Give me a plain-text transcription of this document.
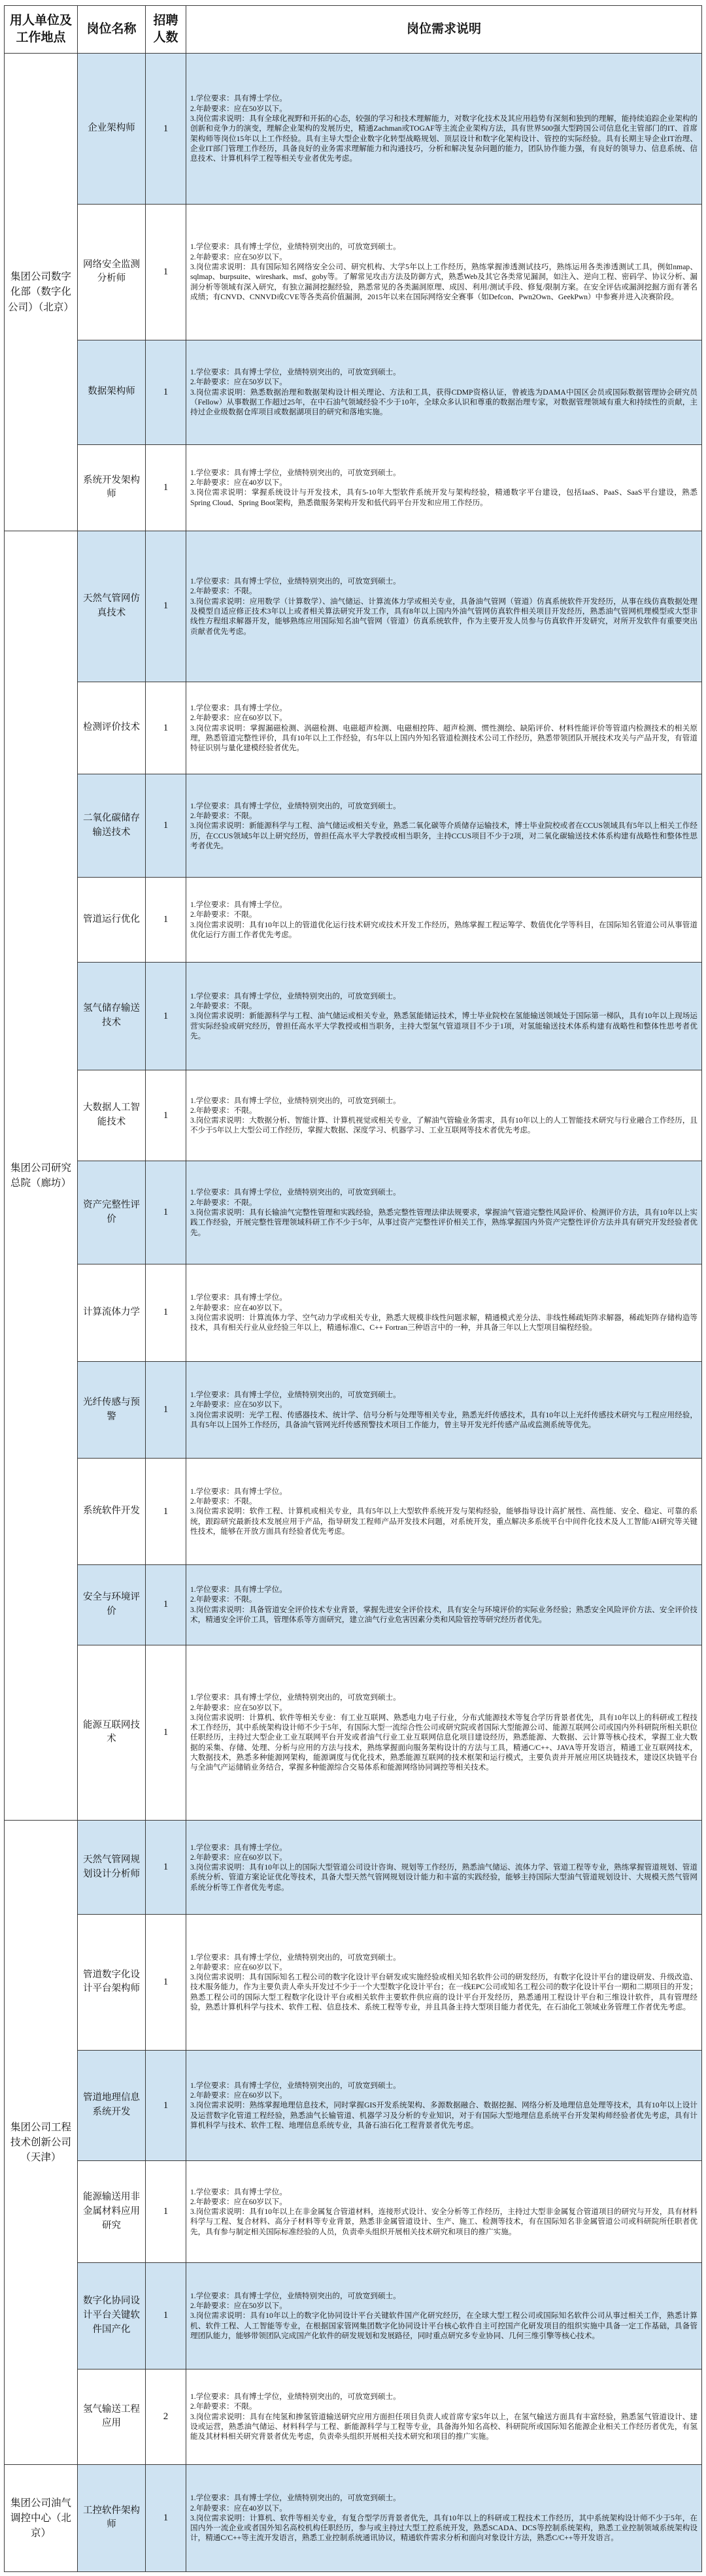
用人单位及工作地点	岗位名称	招聘人数	岗位需求说明
集团公司数字化部（数字化公司）（北京）	企业架构师	1	1.学位要求：具有博士学位。
2.年龄要求：应在50岁以下。
3.岗位需求说明：具有全球化视野和开拓的心态，较强的学习和技术理解能力，对数字化技术及其应用趋势有深刻和独到的理解，能持续追踪企业架构的创新和竞争力的演变，理解企业架构的发展历史，精通Zachman或TOGAF等主流企业架构方法，具有世界500强大型跨国公司信息化主管部门的IT、首席架构师等岗位15年以上工作经验。具有主导大型企业数字化转型战略规划、顶层设计和数字化架构设计、管控的实际经验。具有长期主导企业IT治理、企业IT部门管理工作经历，具备良好的业务需求理解能力和沟通技巧，分析和解决复杂问题的能力，团队协作能力强，有良好的领导力、信息系统、信息技术、计算机科学工程等相关专业者优先考虑。

	网络安全监测分析师	1	1.学位要求：具有博士学位，业绩特别突出的，可放宽到硕士。
2.年龄要求：应在50岁以下。
3.岗位需求说明：具有国际知名网络安全公司、研究机构、大学5年以上工作经历，熟练掌握渗透测试技巧，熟练运用各类渗透测试工具，例如nmap、sqlmap、burpsuite、wireshark、msf、goby等。了解常见攻击方法及防御方式，熟悉Web及其它各类常见漏洞，如注入、逆向工程、密码学、协议分析、漏洞分析等领域有深入研究，有独立漏洞挖掘经验，熟悉常见的各类漏洞原理、成因、利用/测试手段、修复/限制方案。在安全评估或漏洞挖掘方面有著名成绩；有CNVD、CNNVD或CVE等各类高价值漏洞，2015年以来在国际网络安全赛事（如Defcon、Pwn2Own、GeekPwn）中参赛并进入决赛阶段。

	数据架构师	1	1.学位要求：具有博士学位，业绩特别突出的，可放宽到硕士。
2.年龄要求：应在50岁以下。
3.岗位需求说明：熟悉数据治理和数据架构设计相关理论、方法和工具，获得CDMP资格认证，曾被选为DAMA中国区会员或国际数据管理协会研究员（Fellow）从事数据工作超过25年，在中石油气领域经验不少于10年，全球众多认识和尊重的数据治理专家，对数据管理领域有重大和持续性的贡献，主持过企业级数据仓库项目或数据湖项目的研究和落地实施。

	系统开发架构师	1	1.学位要求：具有博士学位，业绩特别突出的，可放宽到硕士。
2.年龄要求：应在40岁以下。
3.岗位需求说明：掌握系统设计与开发技术，具有5-10年大型软件系统开发与架构经验，精通数字平台建设，包括IaaS、PaaS、SaaS平台建设，熟悉Spring Cloud、Spring Boot架构，熟悉微服务架构开发和低代码平台开发和应用工作经历。

集团公司研究总院（廊坊）	天然气管网仿真技术	1	1.学位要求：具有博士学位，业绩特别突出的，可放宽到硕士。
2.年龄要求：不限。
3.岗位需求说明：应用数学（计算数学）、油气储运、计算流体力学或相关专业，具备油气管网（管道）仿真系统软件开发经历，从事在线仿真数据处理及模型自适应修正技术3年以上或者相关算法研究开发工作，具有8年以上国内外油气管网仿真软件相关项目开发经历，熟悉油气管网机理模型或大型非线性方程组求解器开发，能够熟练应用国际知名油气管网（管道）仿真系统软件，作为主要开发人员参与仿真软件开发研究，对所开发软件有重要突出贡献者优先考虑。

	检测评价技术	1	1.学位要求：具有博士学位。
2.年龄要求：应在60岁以下。
3.岗位需求说明：掌握漏磁检测、涡磁检测、电磁超声检测、电磁相控阵、超声检测、惯性测绘、缺陷评价、材料性能评价等管道内检测技术的相关原理，熟悉管道完整性评价，具有10年以上工作经验，有5年以上国内外知名管道检测技术公司工作经历，熟悉带领团队开展技术攻关与产品开发，有管道特征识别与量化建模经验者优先。

	二氧化碳储存输送技术	1	1.学位要求：具有博士学位，业绩特别突出的，可放宽到硕士。
2.年龄要求：不限。
3.岗位需求说明：新能源科学与工程、油气储运或相关专业，熟悉二氧化碳等介质储存运输技术，博士毕业院校或者在CCUS领域具有5年以上相关工作经历，在CCUS领域5年以上研究经历，曾担任高水平大学教授或相当职务，主持CCUS项目不少于2项，对二氧化碳输送技术体系构建有战略性和整体性思考者优先。

	管道运行优化	1	1.学位要求：具有博士学位。
2.年龄要求：不限。
3.岗位需求说明：具有10年以上的管道优化运行技术研究或技术开发工作经历，熟练掌握工程运筹学、数值优化学等科目，在国际知名管道公司从事管道优化运行方面工作者优先考虑。

	氢气储存输送技术	1	1.学位要求：具有博士学位，业绩特别突出的，可放宽到硕士。
2.年龄要求：不限。
3.岗位需求说明：新能源科学与工程、油气储运或相关专业，熟悉氢能储运技术，博士毕业院校在氢能输送领域处于国际第一梯队，具有10年以上现场运营实际经验或研究经历，曾担任高水平大学教授或相当职务，主持大型氢气管道项目不少于1项，对氢能输送技术体系构建有战略性和整体性思考者优先。

	大数据人工智能技术	1	1.学位要求：具有博士学位，业绩特别突出的，可放宽到硕士。
2.年龄要求：不限。
3.岗位需求说明：大数据分析、智能计算、计算机视觉或相关专业，了解油气管输业务需求，具有10年以上的人工智能技术研究与行业融合工作经历，且不少于5年以上大型公司工作经历，掌握大数据、深度学习、机器学习、工业互联网等技术者优先考虑。

	资产完整性评价	1	1.学位要求：具有博士学位，业绩特别突出的，可放宽到硕士。
2.年龄要求：不限。
3.岗位需求说明：具有长输油气完整性管理和实践经验，熟悉完整性管理法律法规要求，掌握油气管道完整性风险评价、检测评价方法，具有10年以上实践工作经验，开展完整性管理领域科研工作不少于5年，从事过资产完整性评价相关工作，熟练掌握国内外资产完整性评价方法并具有研究开发经验者优先。

	计算流体力学	1	1.学位要求：具有博士学位。
2.年龄要求：应在40岁以下。
3.岗位需求说明：计算流体力学、空气动力学或相关专业，熟悉大规模非线性问题求解，精通模式差分法、非线性稀疏矩阵求解器，稀疏矩阵存储构造等技术，具有相关行业从业经验三年以上，精通标准C、C++ Fortran三种语言中的一种，并具备三年以上大型项目编程经验。

	光纤传感与预警	1	1.学位要求：具有博士学位，业绩特别突出的，可放宽到硕士。
2.年龄要求：应在50岁以下。
3.岗位需求说明：光学工程、传感器技术、统计学、信号分析与处理等相关专业，熟悉光纤传感技术，具有10年以上光纤传感技术研究与工程应用经验，具有5年以上国外工作经历，具备油气管网光纤传感预警技术项目工作能力，曾主导开发光纤传感产品或监测系统等优先。

	系统软件开发	1	1.学位要求：具有博士学位。
2.年龄要求：不限。
3.岗位需求说明：软件工程、计算机或相关专业，具有5年以上大型软件系统开发与架构经验，能够指导设计高扩展性、高性能、安全、稳定、可靠的系统，跟踪研究最新技术发展应用于产品，指导研发工程师产品开发技术问题，对系统开发，重点解决多系统平台中间件化技术及人工智能/AI研究等关键性技术，能够在开放方面具有经验者优先考虑。

	安全与环境评价	1	1.学位要求：具有博士学位。
2.年龄要求：不限。
3.岗位需求说明：具备管道安全评价技术专业背景，掌握先进安全评价技术，具有安全与环境评价的实际业务经验；熟悉安全风险评价方法、安全评价技术，精通安全评价工具，管理体系等方面研究，建立油气行业危害因素分类和风险管控等研究经历者优先。

	能源互联网技术	1	1.学位要求：具有博士学位，业绩特别突出的，可放宽到硕士。
2.年龄要求：应在50岁以下。
3.岗位需求说明：计算机、软件等相关专业：有工业互联网、熟悉电力电子行业，分布式能源技术等复合学历背景者优先，具有10年以上的科研或工程技术工作经历，其中系统架构设计师不少于5年，有国际大型一流综合性公司或研究院或者国际大型能源公司、能源互联网公司或国内外科研院所相关职位任职经历，主持过大型企业工业互联网平台开发或者油气行业工业互联网信息化项目建设经历，熟悉能源、大数据、云计算等核心技术，掌握工业大数据的采集、存储、处理、分析与应用的方法与技术，熟练掌握面向服务架构设计的方法与工具，精通C/C++、JAVA等开发语言，精通工业互联网技术，大数据技术，熟悉多种能源网架构，能源调度与优化技术，熟悉能源互联网的技术框架和运行模式，主要负责并开展应用区块链技术，建设区块链平台与全油气产运储销业务结合，掌握多种能源综合交易体系和能源网络协同调控等相关技术。

集团公司工程技术创新公司（天津）	天然气管网规划设计分析师	1	1.学位要求：具有博士学位。
2.年龄要求：应在60岁以下。
3.岗位需求说明：具有10年以上的国际大型管道公司设计咨询、规划等工作经历，熟悉油气储运、流体力学、管道工程等专业，熟练掌握管道规划、管道系统分析、管道方案论证优化等技术，具备大型天然气管网规划设计能力和丰富的实践经验，能够主持国际大型油气管道规划设计、大规模天然气管网系统分析等工作者优先考虑。

	管道数字化设计平台架构师	1	1.学位要求：具有博士学位，业绩特别突出的，可放宽到硕士。
2.年龄要求：应在60岁以下。
3.岗位需求说明：具有国际知名工程公司的数字化设计平台研发或实施经验或相关知名软件公司的研发经历，有数字化设计平台的建设研发、升级改造、技术服务能力，作为主要负责人牵头开发过不少于一个大型数字化设计平台；在一线EPC公司或知名工程公司的数字化设计平台一期和二期项目的开发；熟悉工程公司的国际大型工程数字化设计平台或相关软件主要软件供应商的设计平台开发经历，熟悉通用工程设计平台和三维设计软件，具有管理经验，熟悉计算机科学与技术、软件工程、信息技术、系统工程等专业，并且具备主持大型项目能力者优先，在石油化工领域业务管理工作者优先考虑。

	管道地理信息系统开发	1	1.学位要求：具有博士学位，业绩特别突出的，可放宽到硕士。
2.年龄要求：应在60岁以下。
3.岗位需求说明：熟练掌握地理信息技术，同时掌握GIS开发系统架构、多源数据融合、数据挖掘、网络分析及地理信息处理等技术，具有10年以上设计及运营数字化管道工程经验，熟悉油气长输管道、机器学习及分析的专业知识，对于有国际大型地理信息系统平台开发架构师经验者优先考虑，具有计算机科学与技术、软件工程、地理信息系统专业，具备石油石化工程背景者优先考虑。

	能源输送用非金属材料应用研究	1	1.学位要求：具有博士学位。
2.年龄要求：应在60岁以下。
3.岗位需求说明：具有10年以上在非金属复合管道材料，连接形式设计、安全分析等工作经历，主持过大型非金属复合管道项目的研究与开发，具有材料科学与工程、复合材料、高分子材料等专业背景，熟悉非金属管道设计、生产、施工、检测等技术，有在国际知名非金属管道公司或科研院所任职者优先，具有参与制定相关国际标准经验的人员，负责牵头组织开展相关技术研究和项目的推广实施。

	数字化协同设计平台关键软件国产化	1	1.学位要求：具有博士学位，业绩特别突出的，可放宽到硕士。
2.年龄要求：应在50岁以下。
3.岗位需求说明：具有10年以上的数字化协同设计平台关键软件国产化研究经历，在全球大型工程公司或国际知名软件公司从事过相关工作，熟悉计算机、软件工程、人工智能等专业，在根据国家管网集团数字化协同设计平台核心软件自主可控国产化研发项目的组织实施中具备一定工作基础，具备管理团队能力，能够带领团队完成国产化软件的研发规划和发展路径，同时重点研究多专业协同、几何三维引擎等核心技术。

	氢气输送工程应用	2	1.学位要求：具有博士学位，业绩特别突出的，可放宽到硕士。
2.年龄要求：不限。
3.岗位需求说明：具有在纯氢和掺氢管道输送研究应用方面担任项目负责人或首席专家5年以上，在氢气输送方面具有丰富经验，熟悉氢气管道设计、建设或运营，熟悉油气储运、材料科学与工程、新能源科学与工程等专业，具备海外知名高校、科研院所或国际知名能源企业相关工作经历者优先，有氢能及其材料相关研究背景者优先考虑，负责牵头组织开展相关技术研究和项目的推广实施。

集团公司油气调控中心（北京）	工控软件架构师	1	1.学位要求：具有博士学位，业绩特别突出的，可放宽到硕士。
2.年龄要求：应在40岁以下。
3.岗位需求说明：计算机、软件等相关专业，有复合型学历背景者优先，具有10年以上的科研或工程技术工作经历，其中系统架构设计师不少于5年，在国内外一流企业或者国外知名高校机构任职经历，参与或主持过大型工控系统开发，熟悉SCADA、DCS等控制系统架构，熟悉工业控制领域系统架构设计，精通C/C++等主流开发语言，熟悉工业控制系统通讯协议，精通软件需求分析和面向对象设计方法，熟悉C/C++等开发语言。
